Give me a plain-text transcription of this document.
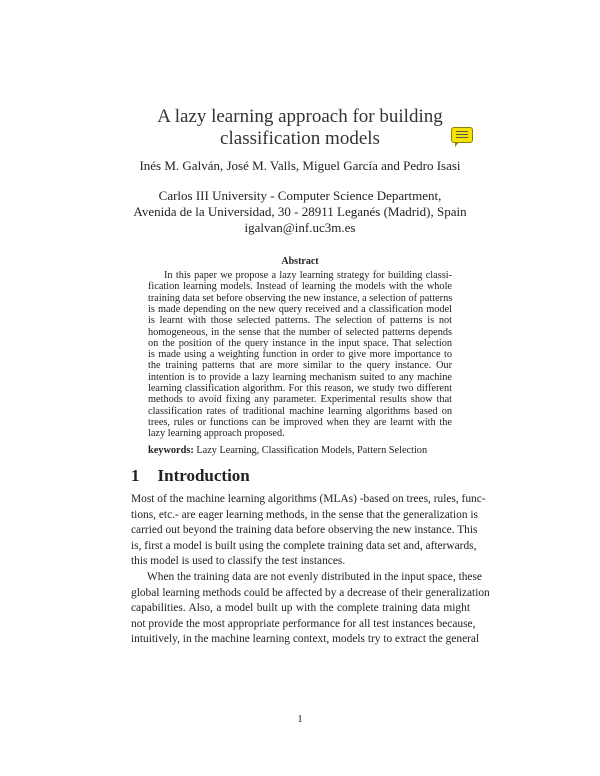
A lazy learning approach for building
classification models
Inés M. Galván, José M. Valls, Miguel García and Pedro Isasi
Carlos III University - Computer Science Department,
Avenida de la Universidad, 30 - 28911 Leganés (Madrid), Spain
igalvan@inf.uc3m.es
Abstract
In this paper we propose a lazy learning strategy for building classi-
fication learning models. Instead of learning the models with the whole
training data set before observing the new instance, a selection of patterns
is made depending on the new query received and a classification model
is learnt with those selected patterns. The selection of patterns is not
homogeneous, in the sense that the number of selected patterns depends
on the position of the query instance in the input space. That selection
is made using a weighting function in order to give more importance to
the training patterns that are more similar to the query instance. Our
intention is to provide a lazy learning mechanism suited to any machine
learning classification algorithm. For this reason, we study two different
methods to avoid fixing any parameter. Experimental results show that
classification rates of traditional machine learning algorithms based on
trees, rules or functions can be improved when they are learnt with the
lazy learning approach proposed.
keywords: Lazy Learning, Classification Models, Pattern Selection
1 Introduction
Most of the machine learning algorithms (MLAs) -based on trees, rules, func-
tions, etc.- are eager learning methods, in the sense that the generalization is
carried out beyond the training data before observing the new instance. This
is, first a model is built using the complete training data set and, afterwards,
this model is used to classify the test instances.
When the training data are not evenly distributed in the input space, these
global learning methods could be affected by a decrease of their generalization
capabilities. Also, a model built up with the complete training data might
not provide the most appropriate performance for all test instances because,
intuitively, in the machine learning context, models try to extract the general
1
